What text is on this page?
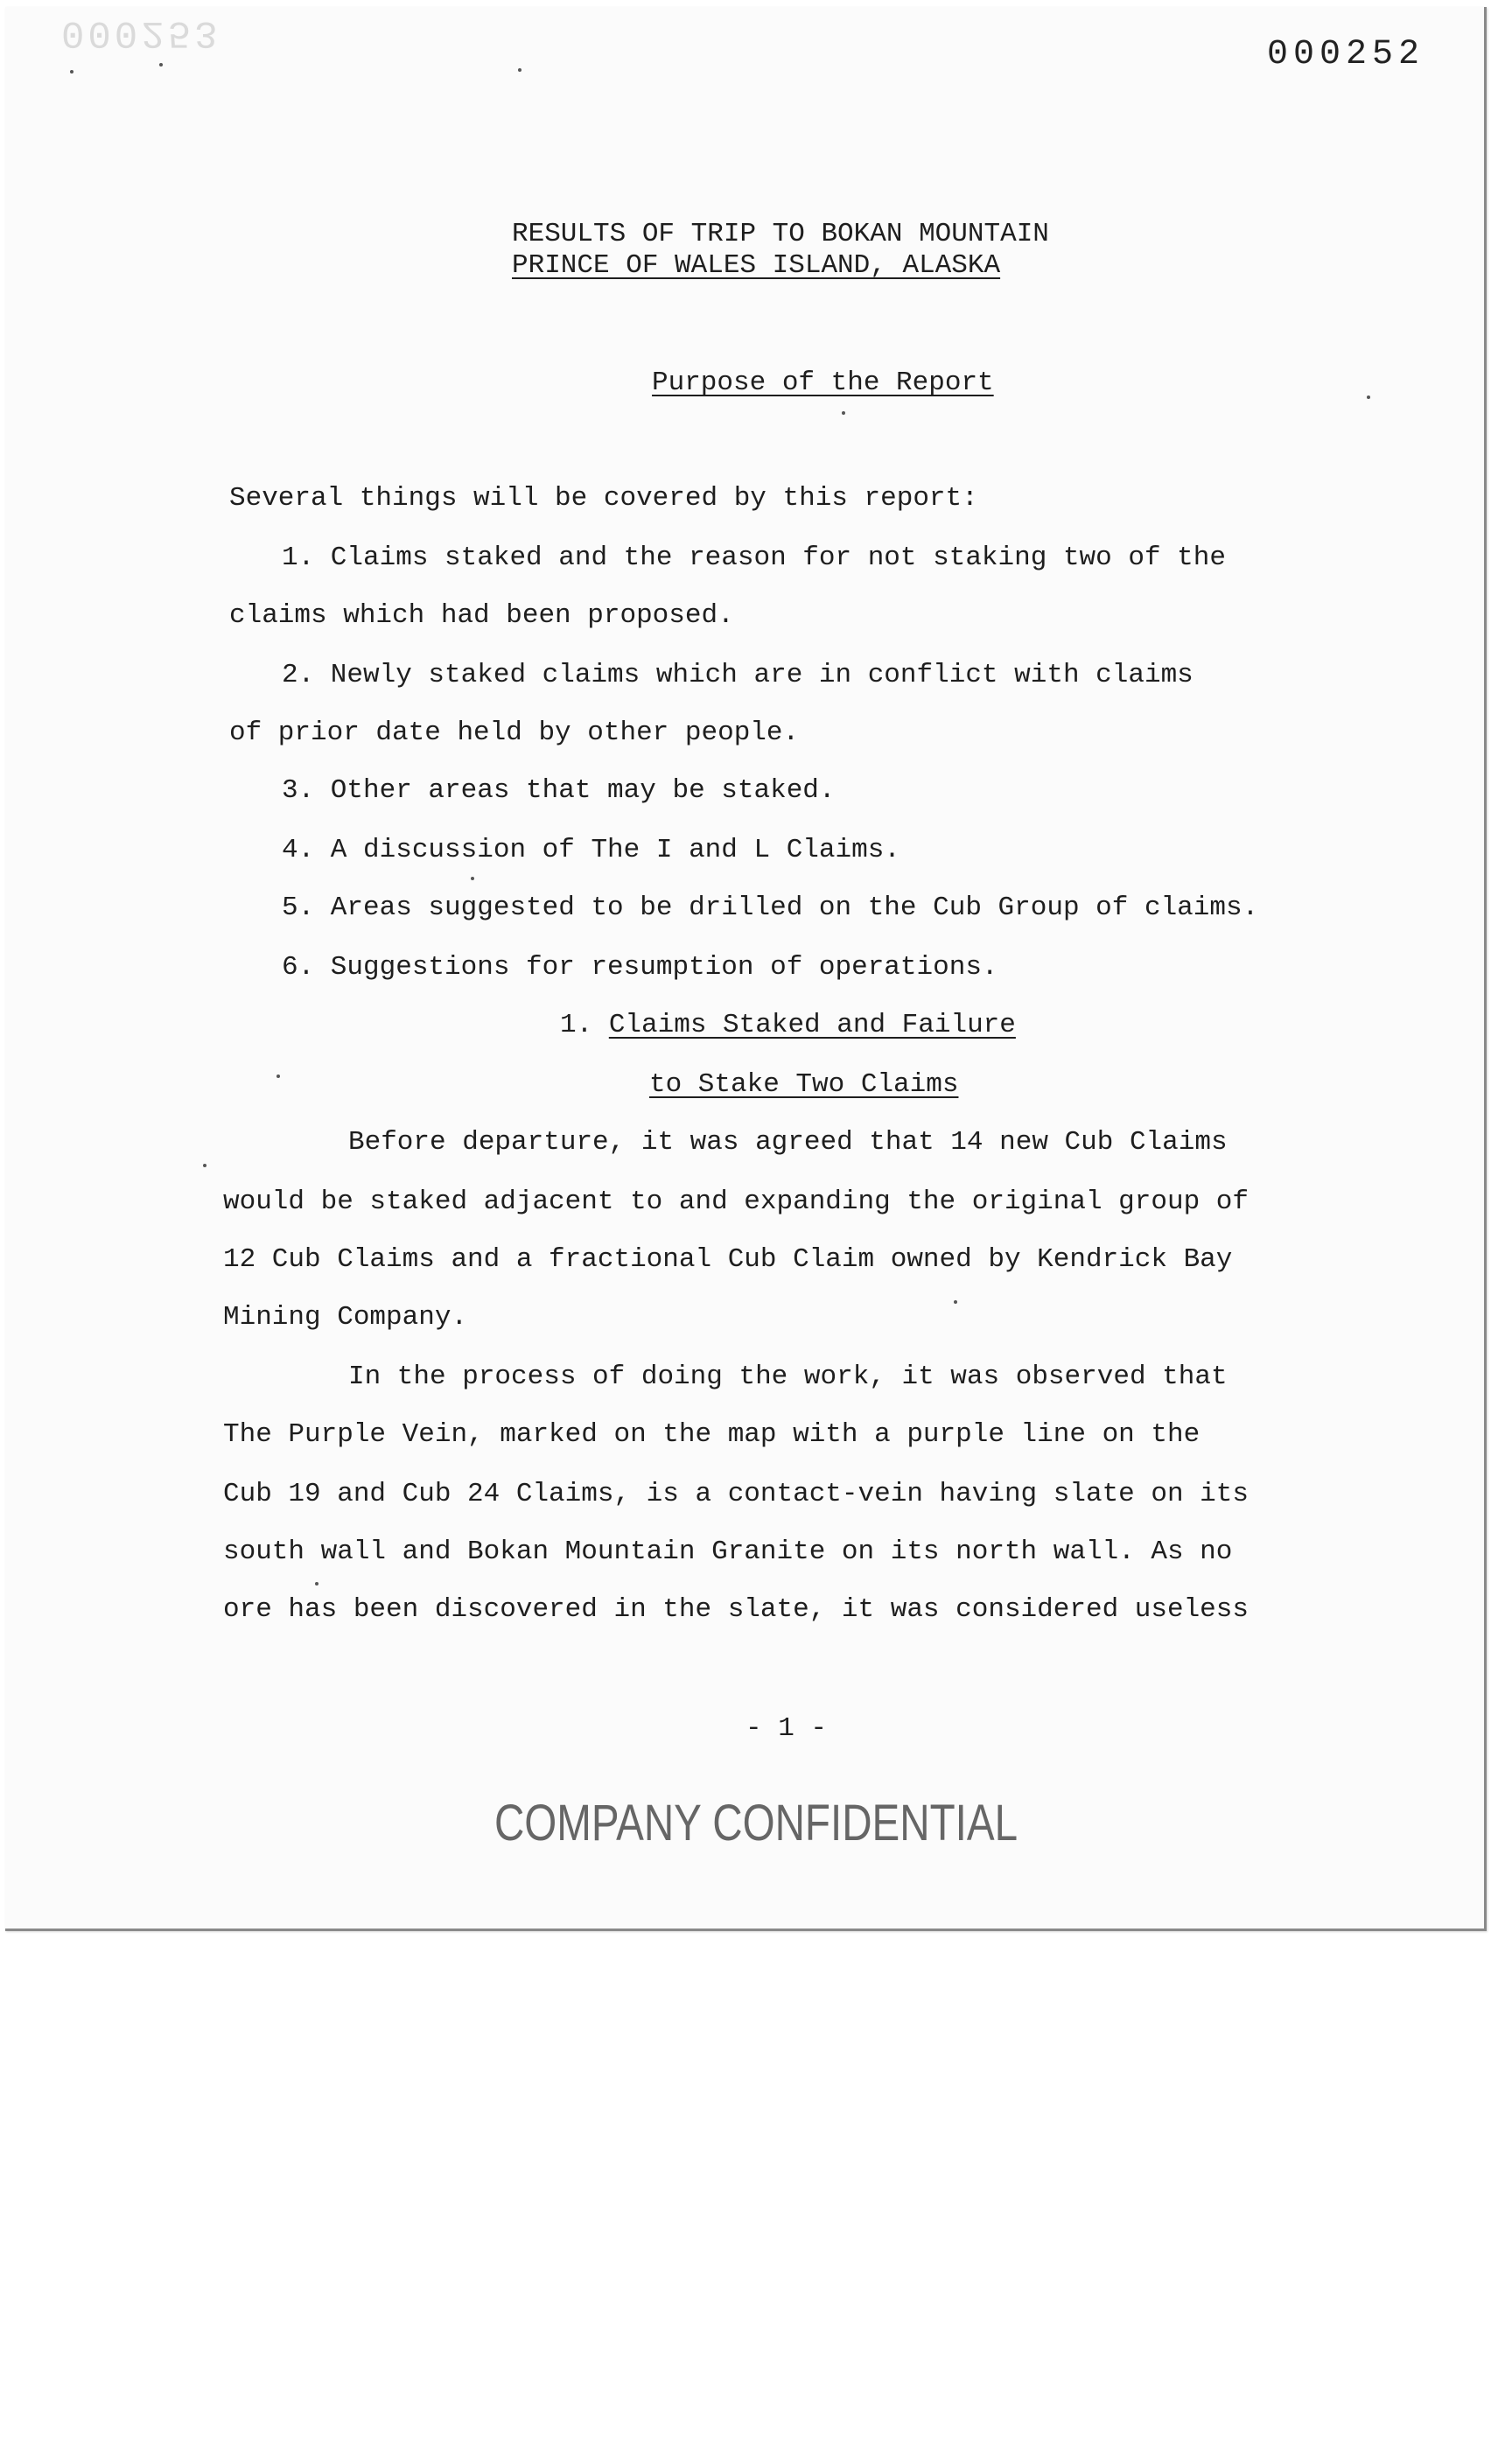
000253
000252
RESULTS OF TRIP TO BOKAN MOUNTAIN
PRINCE OF WALES ISLAND, ALASKA
Purpose of the Report
Several things will be covered by this report:
1. Claims staked and the reason for not staking two of the
claims which had been proposed.
2. Newly staked claims which are in conflict with claims
of prior date held by other people.
3. Other areas that may be staked.
4. A discussion of The I and L Claims.
5. Areas suggested to be drilled on the Cub Group of claims.
6. Suggestions for resumption of operations.
1. Claims Staked and Failure
to Stake Two Claims
Before departure, it was agreed that 14 new Cub Claims
would be staked adjacent to and expanding the original group of
12 Cub Claims and a fractional Cub Claim owned by Kendrick Bay
Mining Company.
In the process of doing the work, it was observed that
The Purple Vein, marked on the map with a purple line on the
Cub 19 and Cub 24 Claims, is a contact-vein having slate on its
south wall and Bokan Mountain Granite on its north wall. As no
ore has been discovered in the slate, it was considered useless
- 1 -
COMPANY CONFIDENTIAL
